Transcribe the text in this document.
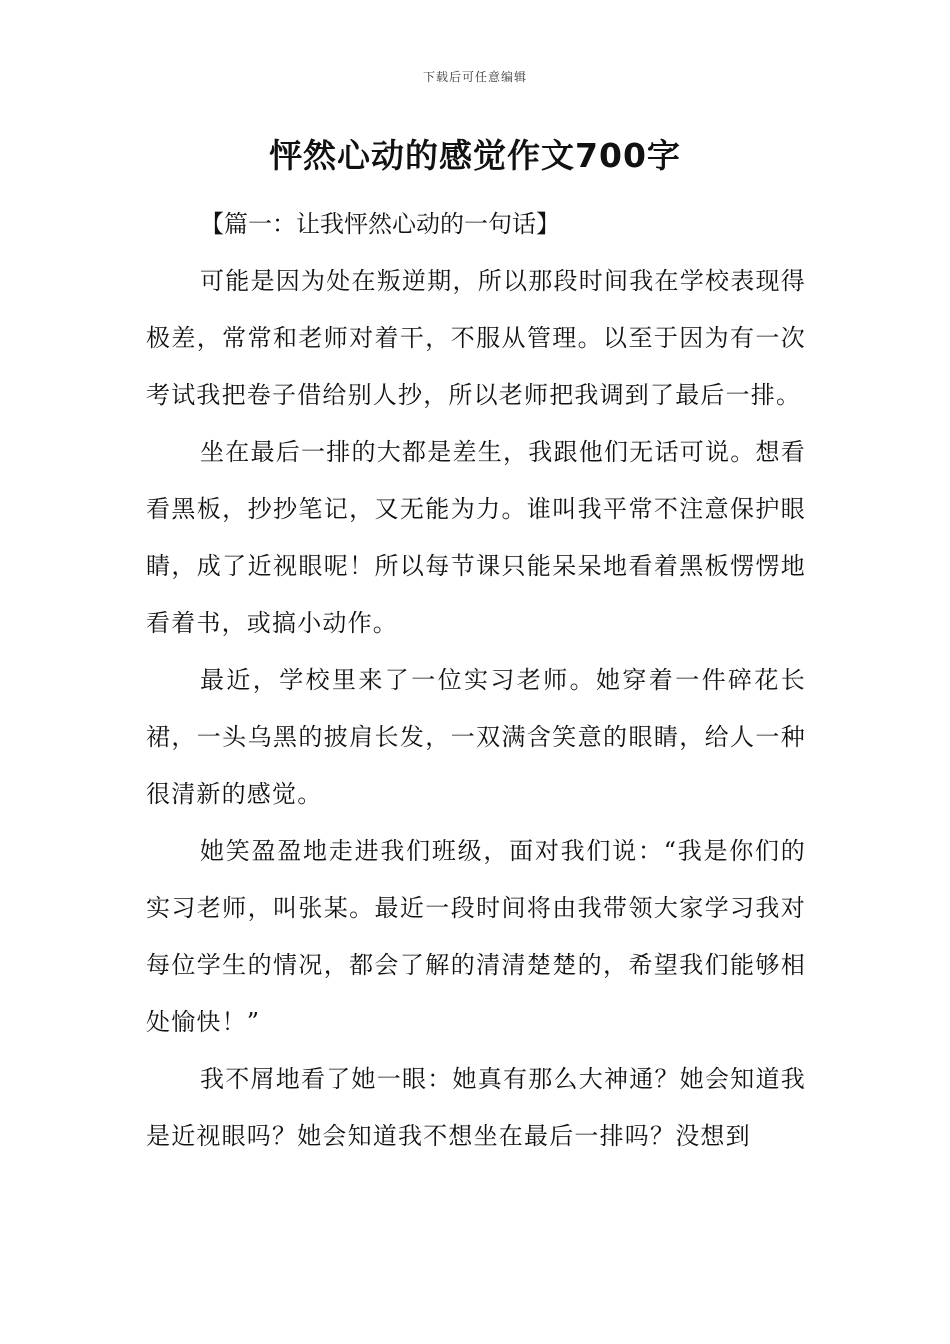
下载后可任意编辑
怦然心动的感觉作文700字

【篇一：让我怦然心动的一句话】

可能是因为处在叛逆期，所以那段时间我在学校表现得极差，常常和老师对着干，不服从管理。以至于因为有一次考试我把卷子借给别人抄，所以老师把我调到了最后一排。

坐在最后一排的大都是差生，我跟他们无话可说。想看看黑板，抄抄笔记，又无能为力。谁叫我平常不注意保护眼睛，成了近视眼呢！所以每节课只能呆呆地看着黑板愣愣地看着书，或搞小动作。

最近，学校里来了一位实习老师。她穿着一件碎花长裙，一头乌黑的披肩长发，一双满含笑意的眼睛，给人一种很清新的感觉。

她笑盈盈地走进我们班级，面对我们说：“我是你们的实习老师，叫张某。最近一段时间将由我带领大家学习我对每位学生的情况，都会了解的清清楚楚的，希望我们能够相处愉快！”

我不屑地看了她一眼：她真有那么大神通？她会知道我是近视眼吗？她会知道我不想坐在最后一排吗？没想到
